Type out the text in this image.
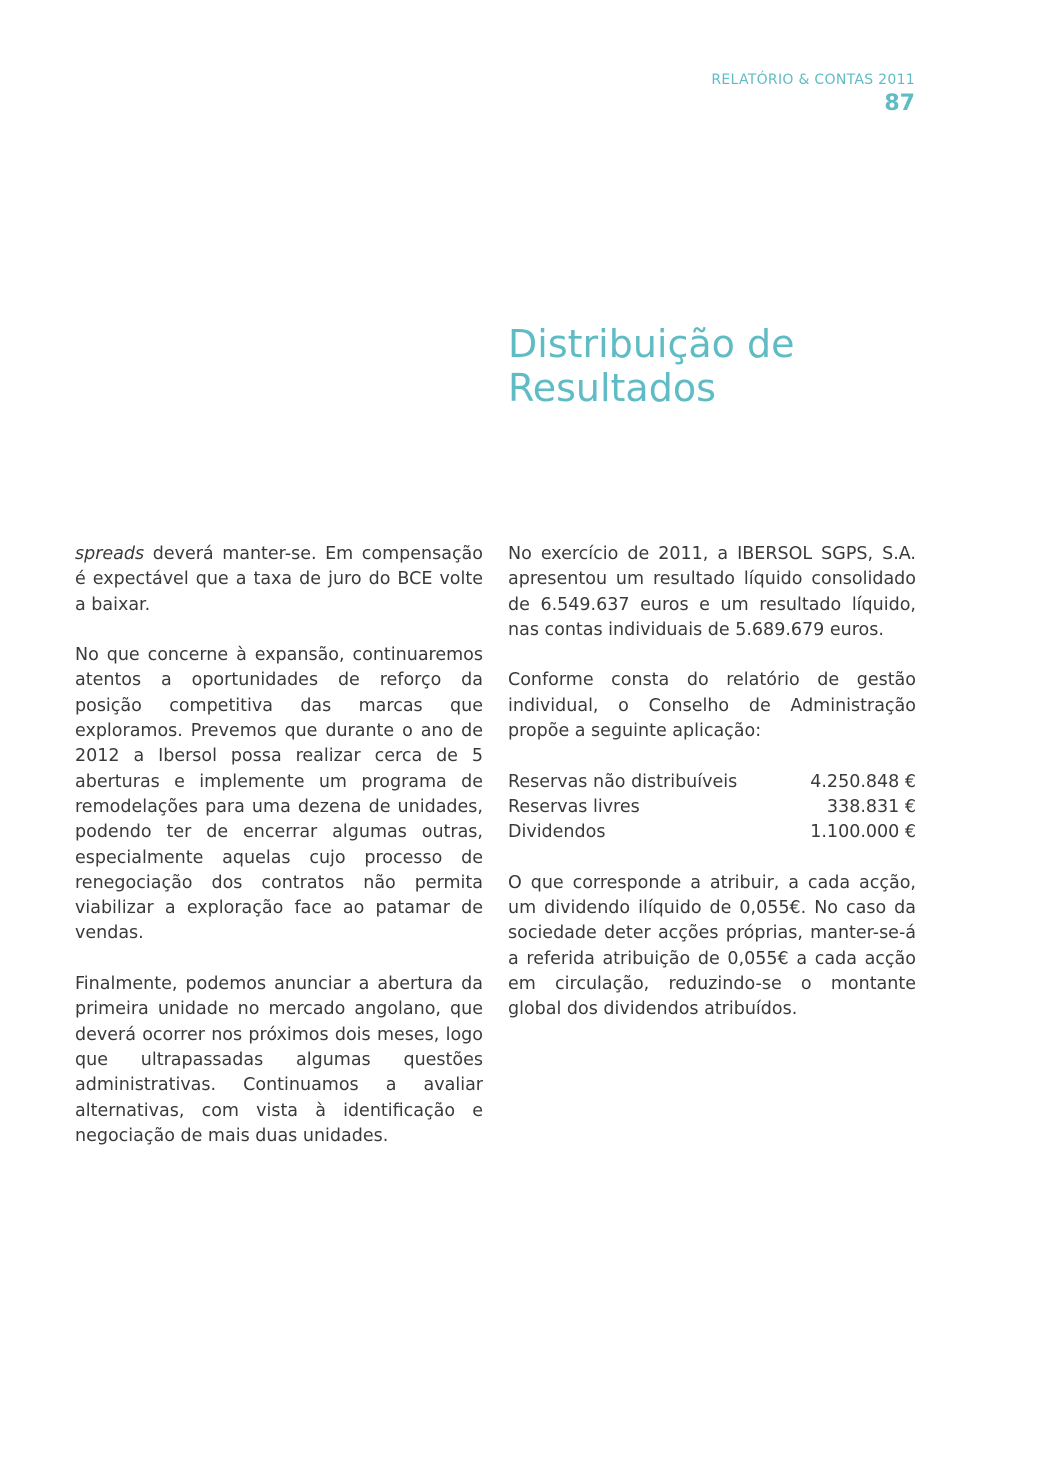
RELATÓRIO & CONTAS 2011
87
Distribuição de
Resultados

spreads deverá manter-se. Em compensação é expectável que a taxa de juro do BCE volte a baixar.

No que concerne à expansão, continuaremos atentos a oportunidades de reforço da posição competitiva das marcas que exploramos. Prevemos que durante o ano de 2012 a Ibersol possa realizar cerca de 5 aberturas e implemente um programa de remodelações para uma dezena de unidades, podendo ter de encerrar algumas outras, especialmente aquelas cujo processo de renegociação dos contratos não permita viabilizar a exploração face ao patamar de vendas.

Finalmente, podemos anunciar a abertura da primeira unidade no mercado angolano, que deverá ocorrer nos próximos dois meses, logo que ultrapassadas algumas questões administrativas. Continuamos a avaliar alternativas, com vista à identificação e negociação de mais duas unidades.

No exercício de 2011, a IBERSOL SGPS, S.A. apresentou um resultado líquido consolidado de 6.549.637 euros e um resultado líquido, nas contas individuais de 5.689.679 euros.

Conforme consta do relatório de gestão individual, o Conselho de Administração propõe a seguinte aplicação:

Reservas não distribuíveis	4.250.848 €
Reservas livres	338.831 €
Dividendos	1.100.000 €

O que corresponde a atribuir, a cada acção, um dividendo ilíquido de 0,055€. No caso da sociedade deter acções próprias, manter-se-á a referida atribuição de 0,055€ a cada acção em circulação, reduzindo-se o montante global dos dividendos atribuídos.
